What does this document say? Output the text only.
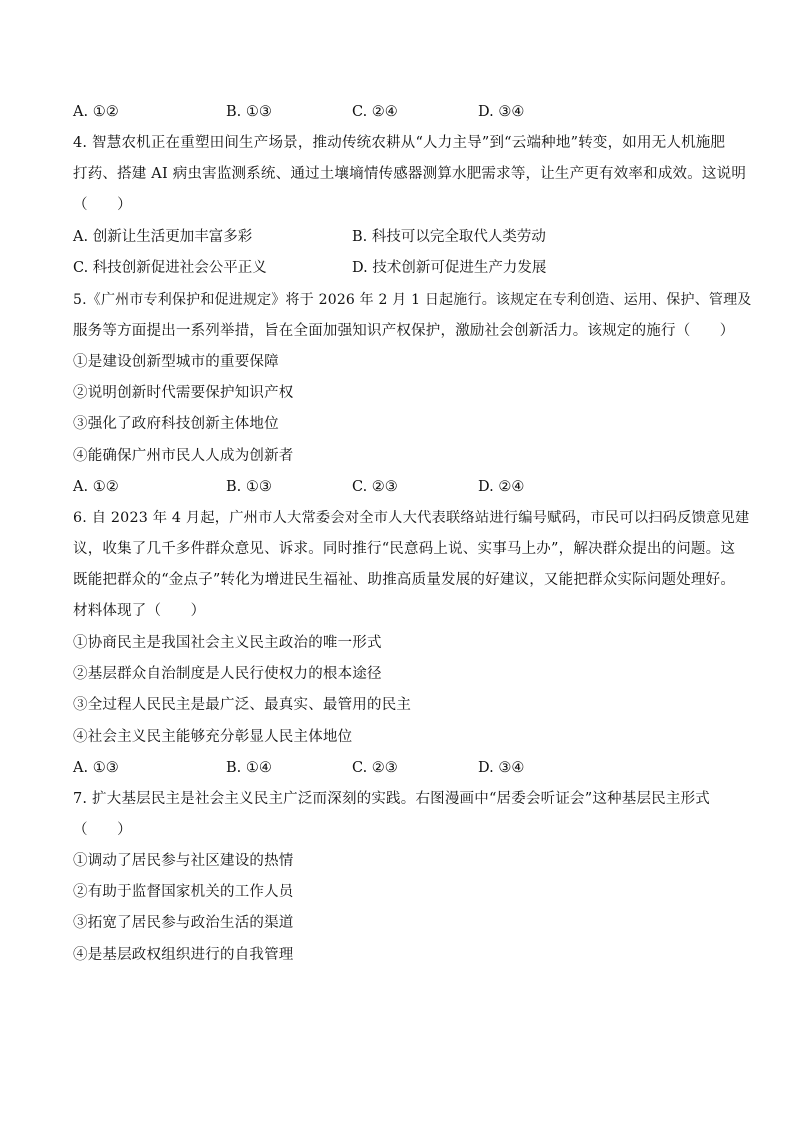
A. ①②	B. ①③	C. ②④	D. ③④
4. 智慧农机正在重塑田间生产场景，推动传统农耕从“人力主导”到“云端种地”转变，如用无人机施肥
打药、搭建 AI 病虫害监测系统、通过土壤墒情传感器测算水肥需求等，让生产更有效率和成效。这说明
（　　）
A. 创新让生活更加丰富多彩	B. 科技可以完全取代人类劳动
C. 科技创新促进社会公平正义	D. 技术创新可促进生产力发展
5.《广州市专利保护和促进规定》将于 2026 年 2 月 1 日起施行。该规定在专利创造、运用、保护、管理及
服务等方面提出一系列举措，旨在全面加强知识产权保护，激励社会创新活力。该规定的施行（　　）
①是建设创新型城市的重要保障
②说明创新时代需要保护知识产权
③强化了政府科技创新主体地位
④能确保广州市民人人成为创新者
A. ①②	B. ①③	C. ②③	D. ②④
6. 自 2023 年 4 月起，广州市人大常委会对全市人大代表联络站进行编号赋码，市民可以扫码反馈意见建
议，收集了几千多件群众意见、诉求。同时推行“民意码上说、实事马上办”，解决群众提出的问题。这
既能把群众的“金点子”转化为增进民生福祉、助推高质量发展的好建议，又能把群众实际问题处理好。
材料体现了（　　）
①协商民主是我国社会主义民主政治的唯一形式
②基层群众自治制度是人民行使权力的根本途径
③全过程人民民主是最广泛、最真实、最管用的民主
④社会主义民主能够充分彰显人民主体地位
A. ①③	B. ①④	C. ②③	D. ③④
7. 扩大基层民主是社会主义民主广泛而深刻的实践。右图漫画中“居委会听证会”这种基层民主形式
（　　）
①调动了居民参与社区建设的热情
②有助于监督国家机关的工作人员
③拓宽了居民参与政治生活的渠道
④是基层政权组织进行的自我管理
